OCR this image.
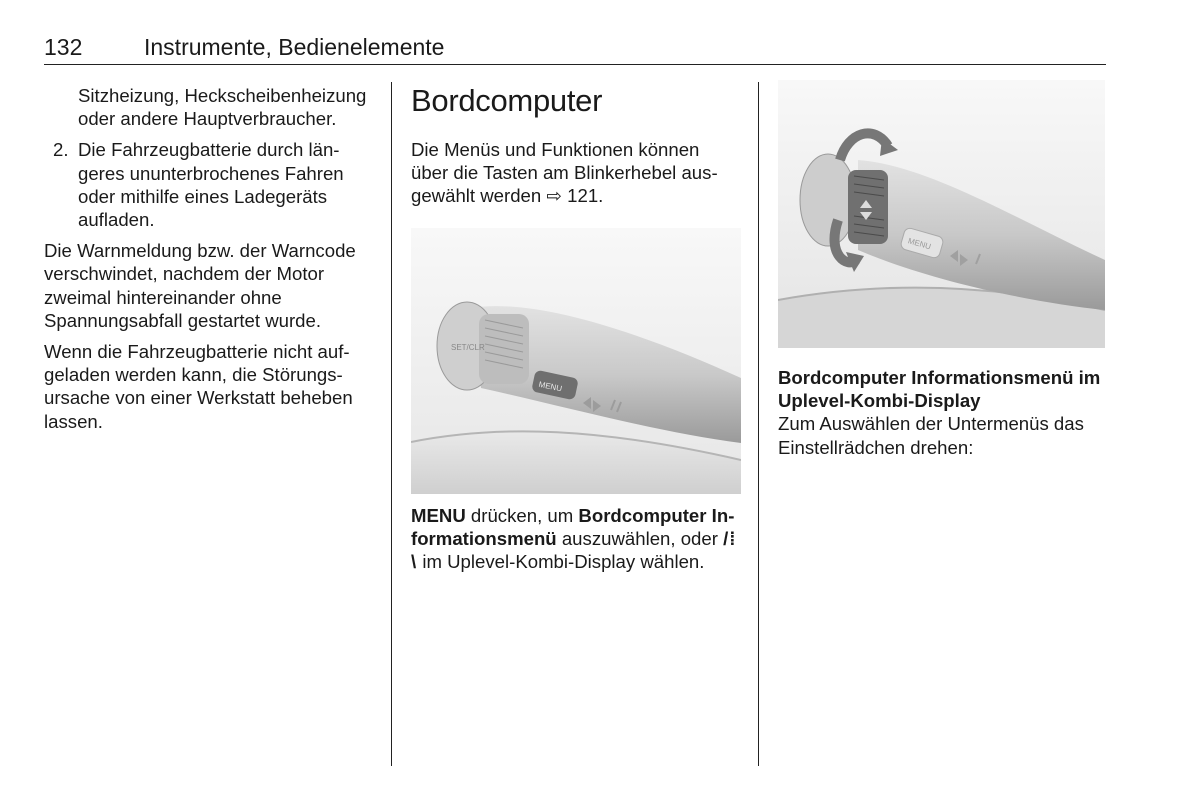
132	Instrumente, Bedienelemente

Sitzheizung, Heckscheibenheizung oder andere Hauptverbraucher.

2. Die Fahrzeugbatterie durch längeres ununterbrochenes Fahren oder mithilfe eines Ladegeräts aufladen.

Die Warnmeldung bzw. der Warncode verschwindet, nachdem der Motor zweimal hintereinander ohne Spannungsabfall gestartet wurde.

Wenn die Fahrzeugbatterie nicht aufgeladen werden kann, die Störungsursache von einer Werkstatt beheben lassen.

Bordcomputer

Die Menüs und Funktionen können über die Tasten am Blinkerhebel ausgewählt werden ⇨ 121.

SET/CLR
MENU

MENU drücken, um Bordcomputer Informationsmenü auszuwählen, oder /⁞\ im Uplevel-Kombi-Display wählen.

MENU
Bordcomputer Informationsmenü im Uplevel-Kombi-Display

Zum Auswählen der Untermenüs das Einstellrädchen drehen:
